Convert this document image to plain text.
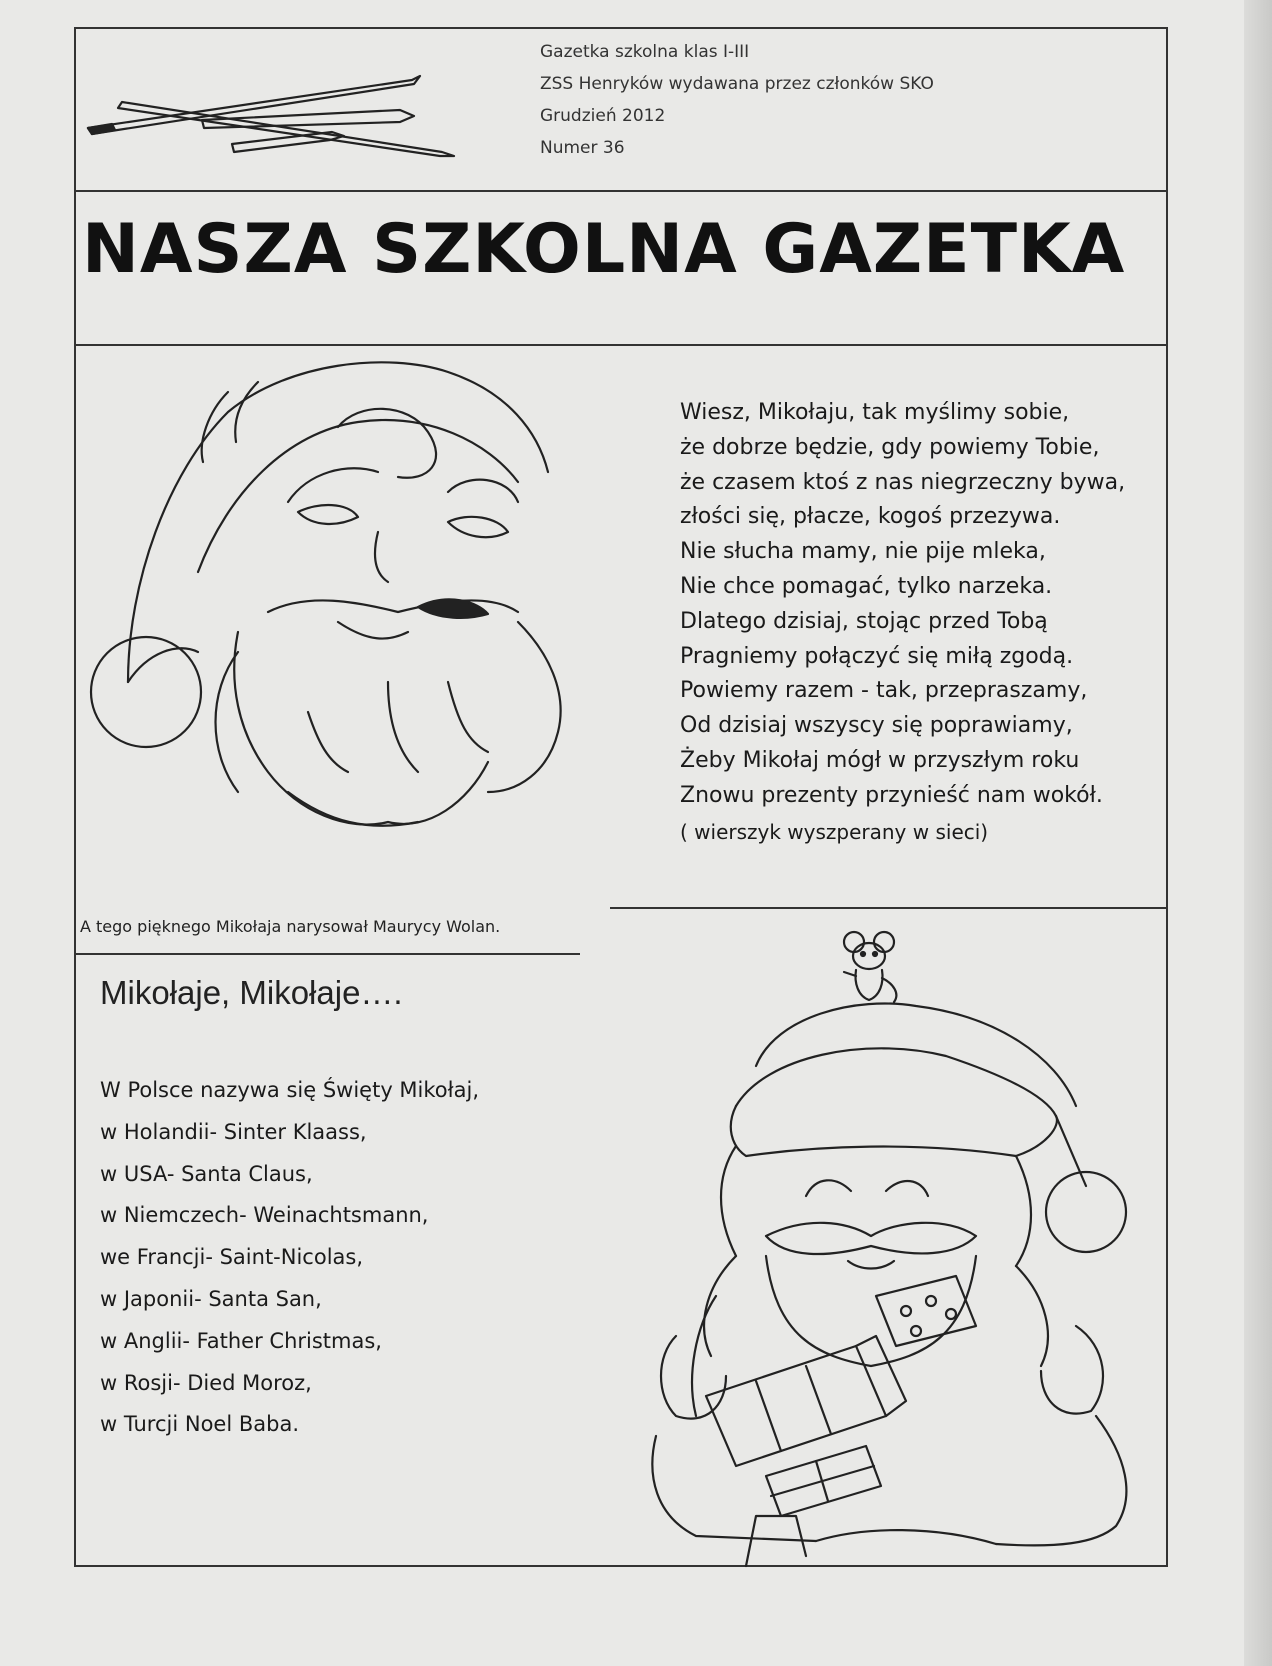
Gazetka szkolna klas I-III
ZSS Henryków wydawana przez członków SKO
Grudzień 2012
Numer 36
NASZA SZKOLNA GAZETKA
Wiesz, Mikołaju, tak myślimy sobie,
że dobrze będzie, gdy powiemy Tobie,
że czasem ktoś z nas niegrzeczny bywa,
złości się, płacze, kogoś przezywa.
Nie słucha mamy, nie pije mleka,
Nie chce pomagać, tylko narzeka.
Dlatego dzisiaj, stojąc przed Tobą
Pragniemy połączyć się miłą zgodą.
Powiemy razem - tak, przepraszamy,
Od dzisiaj wszyscy się poprawiamy,
Żeby Mikołaj mógł w przyszłym roku
Znowu prezenty przynieść nam wokół.
( wierszyk wyszperany w sieci)
A tego pięknego Mikołaja narysował Maurycy Wolan.
Mikołaje, Mikołaje….
W Polsce nazywa się Święty Mikołaj,
w Holandii- Sinter Klaass,
w USA- Santa Claus,
w Niemczech- Weinachtsmann,
we Francji- Saint-Nicolas,
w Japonii- Santa San,
w Anglii- Father Christmas,
w Rosji- Died Moroz,
w Turcji Noel Baba.
